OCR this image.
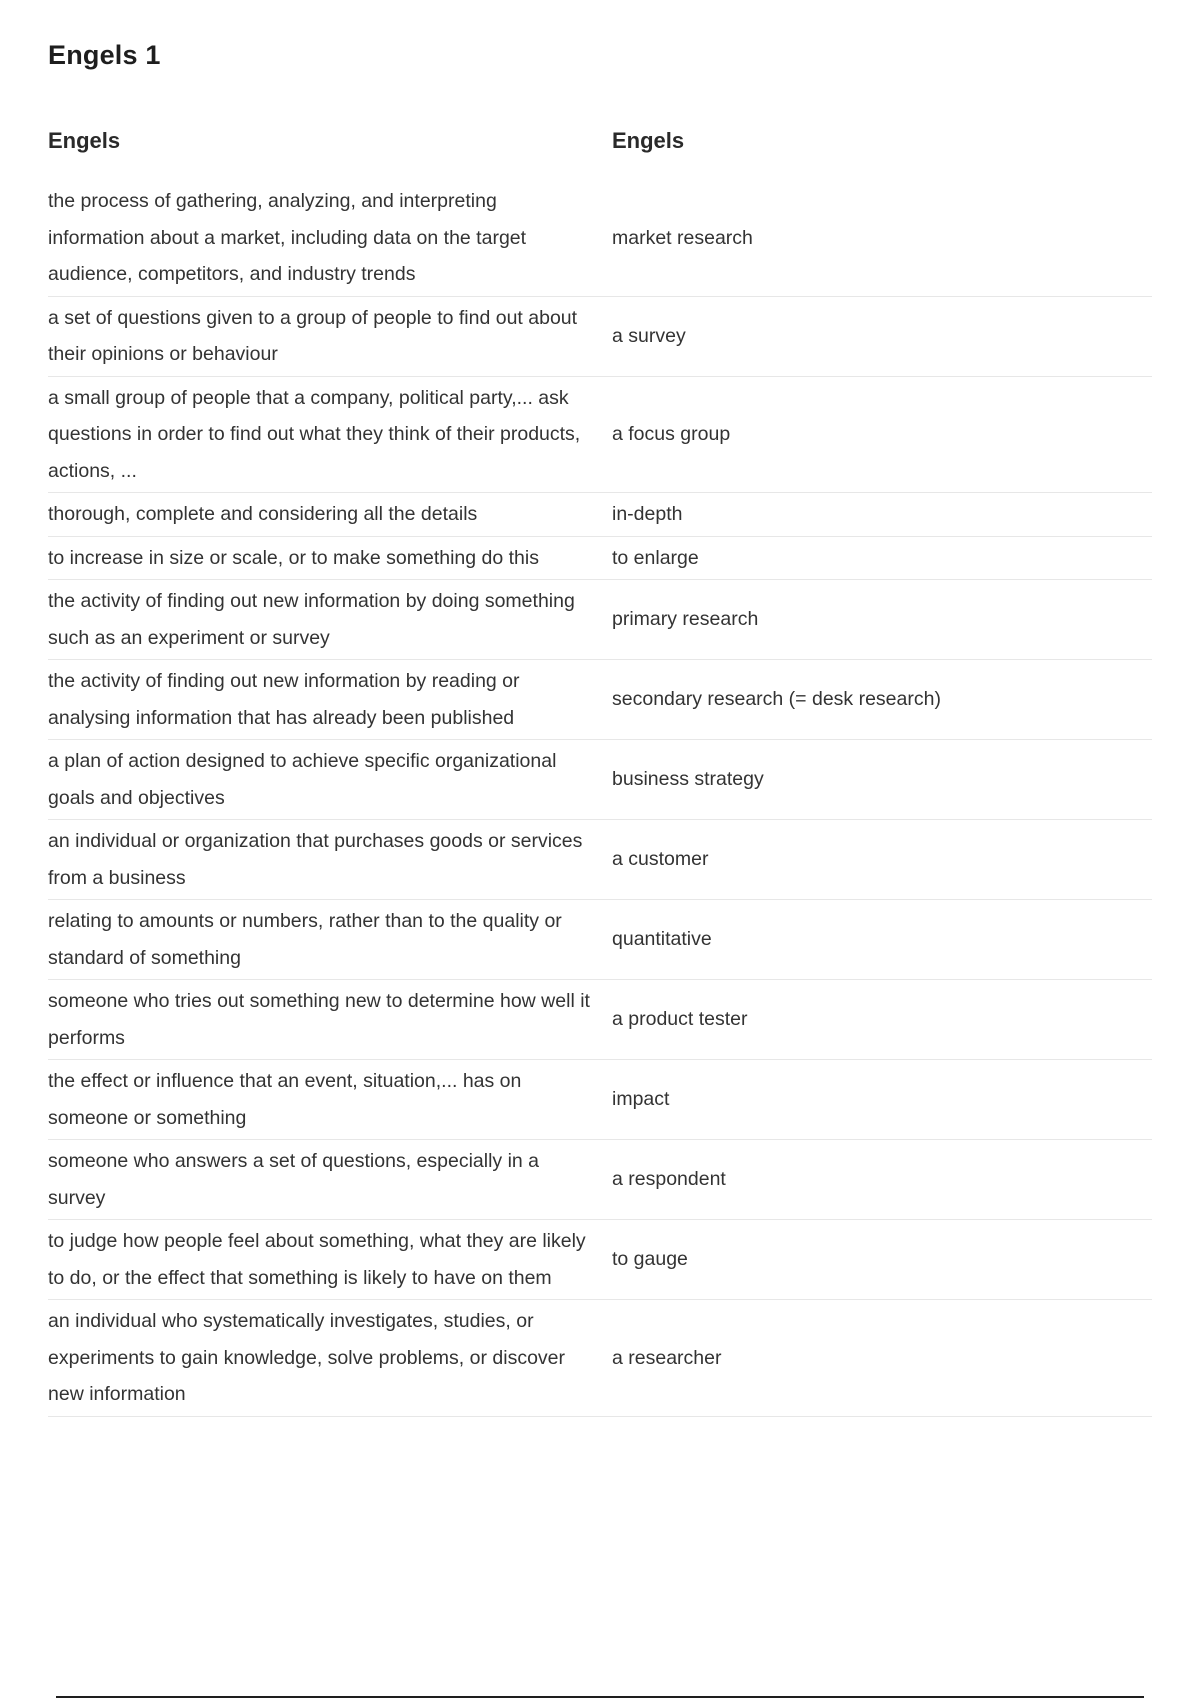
Engels 1
Engels	Engels
the process of gathering, analyzing, and interpreting information about a market, including data on the target audience, competitors, and industry trends	market research
a set of questions given to a group of people to find out about their opinions or behaviour	a survey
a small group of people that a company, political party,... ask questions in order to find out what they think of their products, actions, ...	a focus group
thorough, complete and considering all the details	in-depth
to increase in size or scale, or to make something do this	to enlarge
the activity of finding out new information by doing something such as an experiment or survey	primary research
the activity of finding out new information by reading or analysing information that has already been published	secondary research (= desk research)
a plan of action designed to achieve specific organizational goals and objectives	business strategy
an individual or organization that purchases goods or services from a business	a customer
relating to amounts or numbers, rather than to the quality or standard of something	quantitative
someone who tries out something new to determine how well it performs	a product tester
the effect or influence that an event, situation,... has on someone or something	impact
someone who answers a set of questions, especially in a survey	a respondent
to judge how people feel about something, what they are likely to do, or the effect that something is likely to have on them	to gauge
an individual who systematically investigates, studies, or experiments to gain knowledge, solve problems, or discover new information	a researcher
